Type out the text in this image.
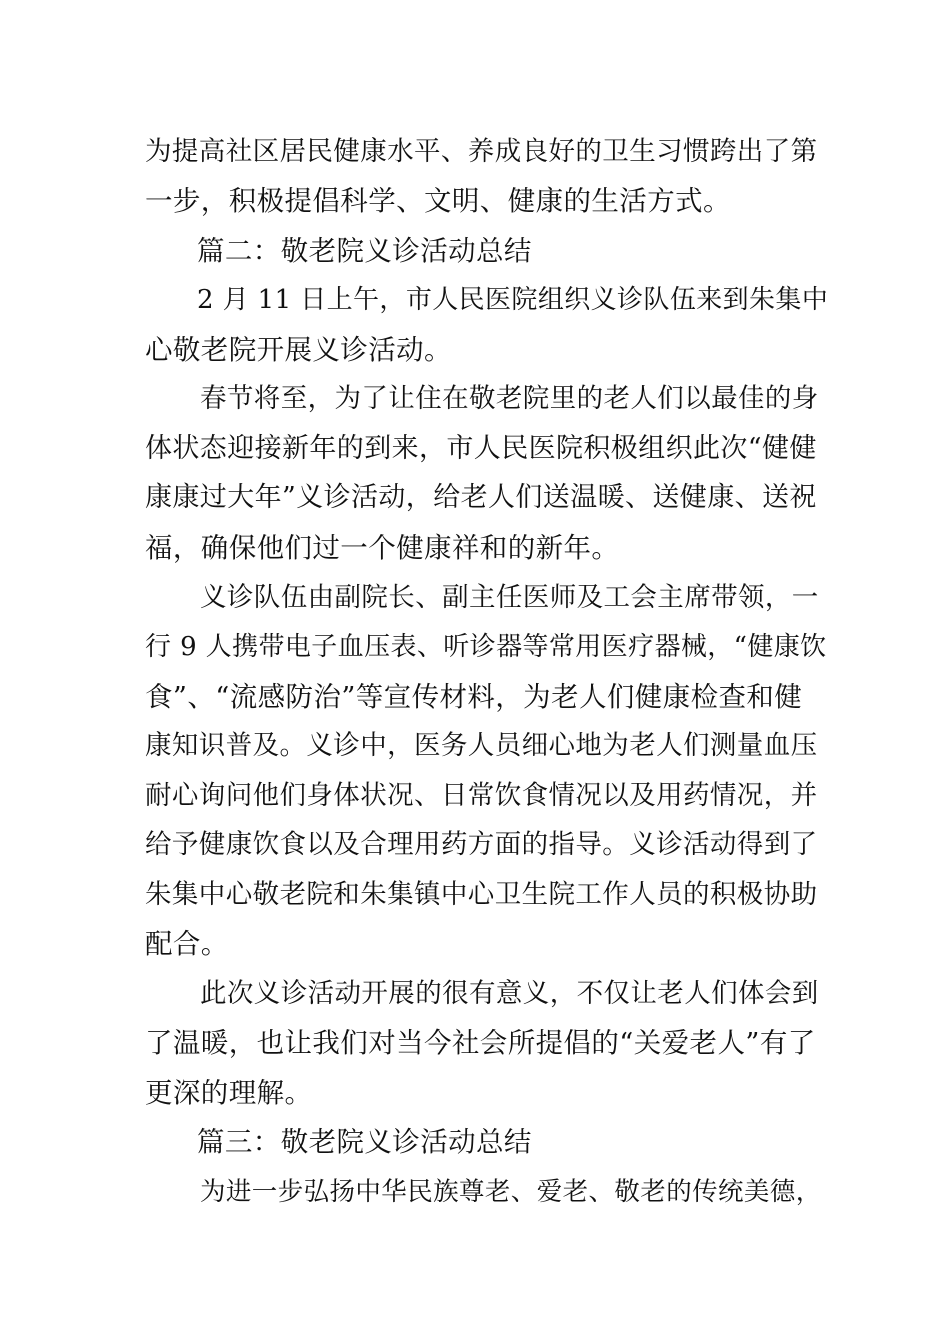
为提高社区居民健康水平、养成良好的卫生习惯跨出了第
一步，积极提倡科学、文明、健康的生活方式。
篇二：敬老院义诊活动总结
2 月 11 日上午，市人民医院组织义诊队伍来到朱集中
心敬老院开展义诊活动。
春节将至，为了让住在敬老院里的老人们以最佳的身
体状态迎接新年的到来，市人民医院积极组织此次“健健
康康过大年”义诊活动，给老人们送温暖、送健康、送祝
福，确保他们过一个健康祥和的新年。
义诊队伍由副院长、副主任医师及工会主席带领，一
行 9 人携带电子血压表、听诊器等常用医疗器械，“健康饮
食”、“流感防治”等宣传材料，为老人们健康检查和健
康知识普及。义诊中，医务人员细心地为老人们测量血压
耐心询问他们身体状况、日常饮食情况以及用药情况，并
给予健康饮食以及合理用药方面的指导。义诊活动得到了
朱集中心敬老院和朱集镇中心卫生院工作人员的积极协助
配合。
此次义诊活动开展的很有意义，不仅让老人们体会到
了温暖，也让我们对当今社会所提倡的“关爱老人”有了
更深的理解。
篇三：敬老院义诊活动总结
为进一步弘扬中华民族尊老、爱老、敬老的传统美德，
